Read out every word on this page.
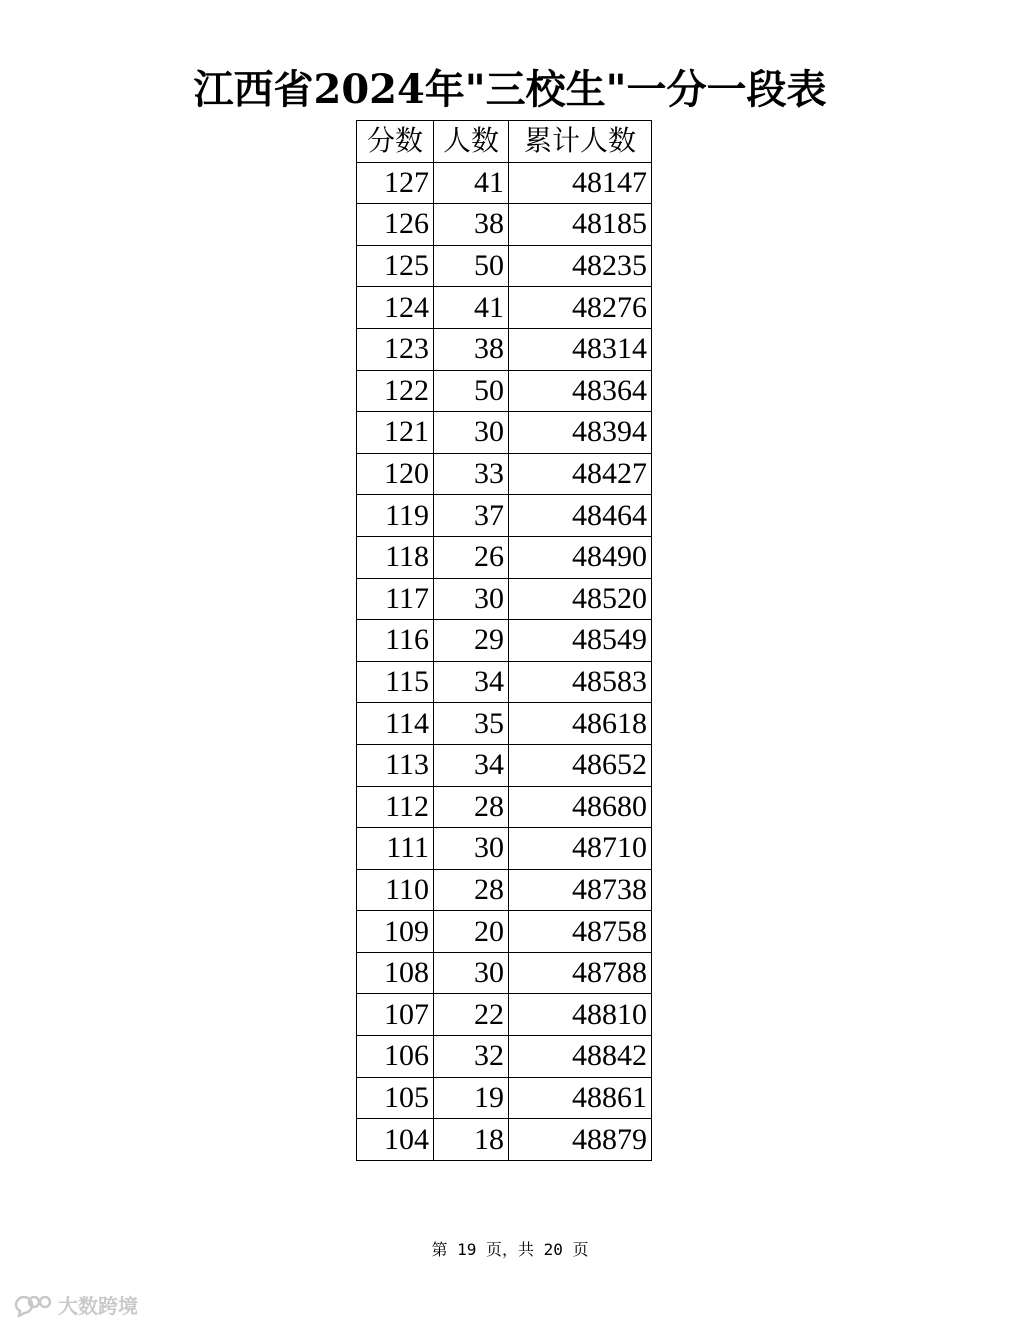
江西省2024年"三校生"一分一段表
分数	人数	累计人数
127	41	48147
126	38	48185
125	50	48235
124	41	48276
123	38	48314
122	50	48364
121	30	48394
120	33	48427
119	37	48464
118	26	48490
117	30	48520
116	29	48549
115	34	48583
114	35	48618
113	34	48652
112	28	48680
111	30	48710
110	28	48738
109	20	48758
108	30	48788
107	22	48810
106	32	48842
105	19	48861
104	18	48879
第 19 页，共 20 页
大数跨境
